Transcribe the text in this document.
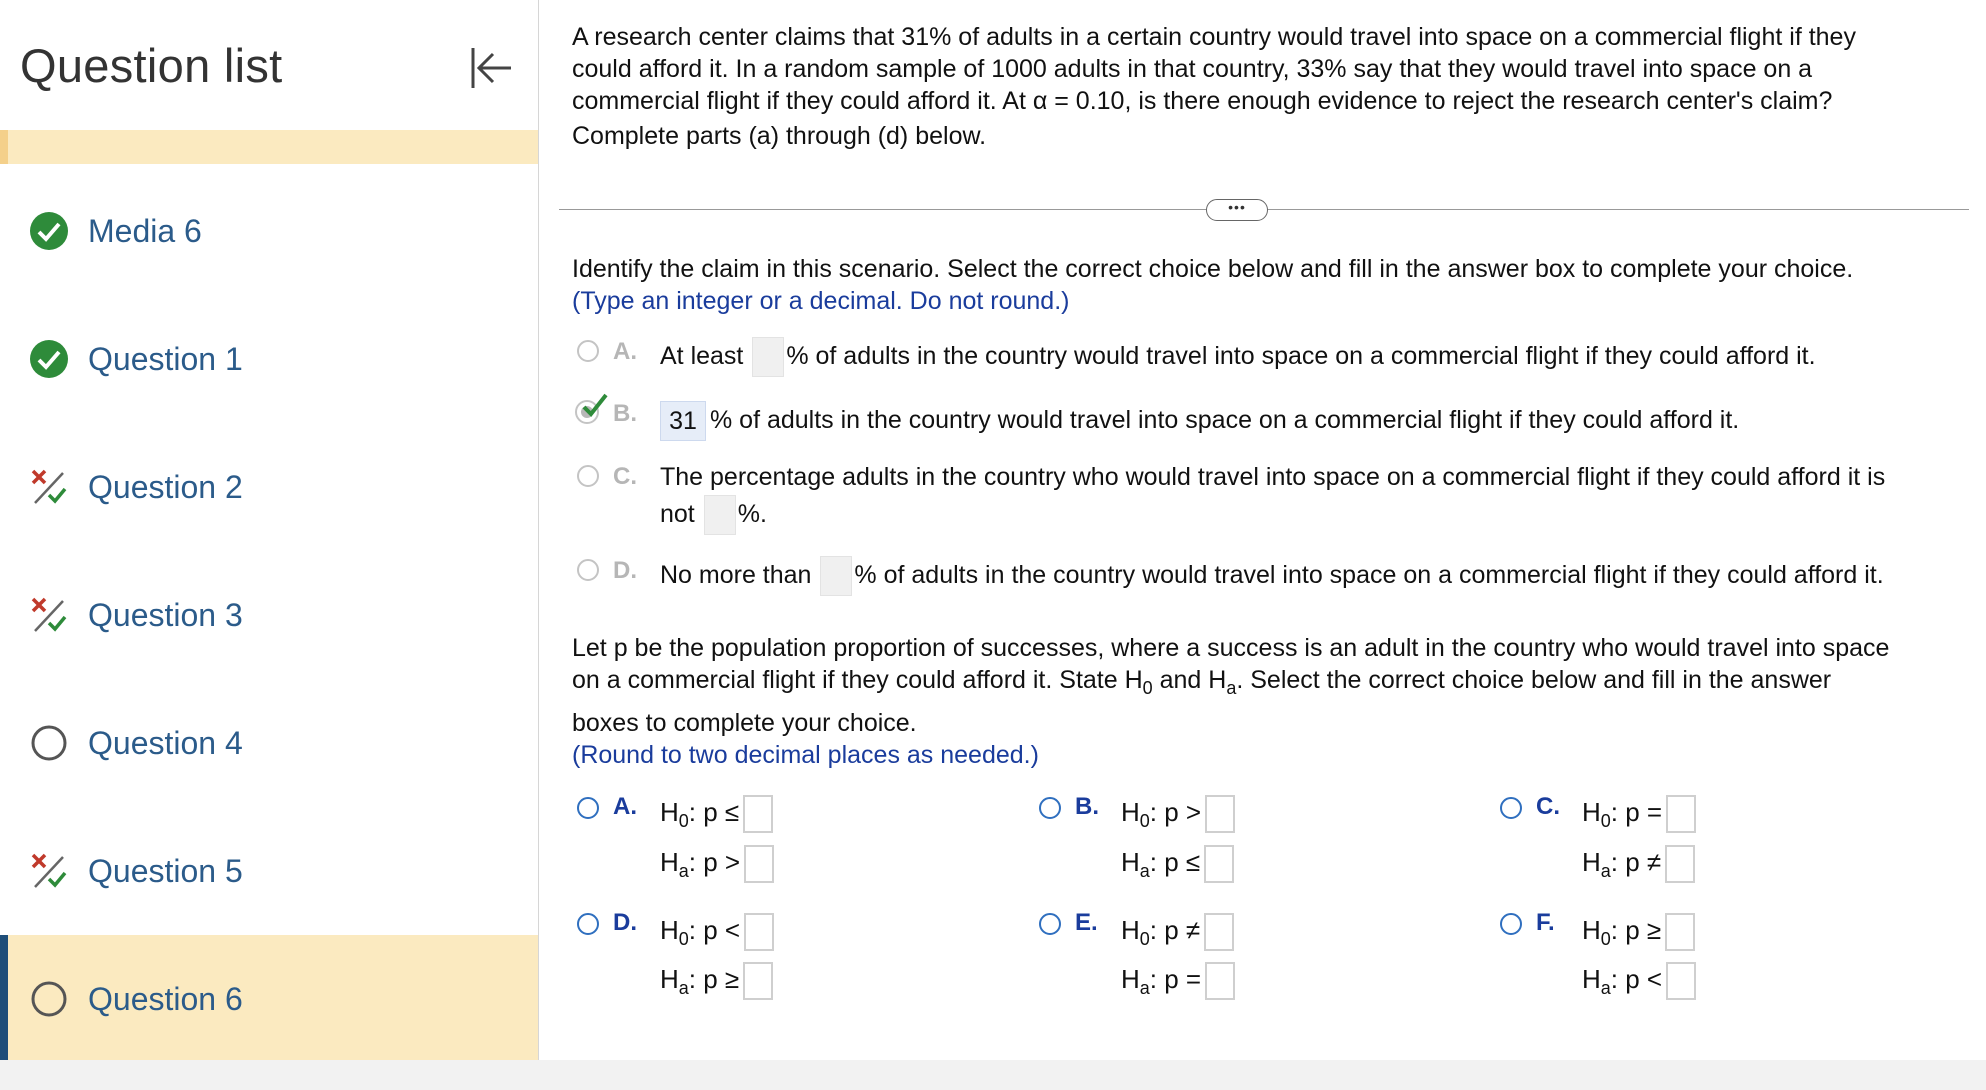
Question list
Media 6
Question 1
Question 2
Question 3
Question 4
Question 5
Question 6
A research center claims that 31% of adults in a certain country would travel into space on a commercial flight if they
could afford it. In a random sample of 1000 adults in that country, 33% say that they would travel into space on a
commercial flight if they could afford it. At α = 0.10, is there enough evidence to reject the research center's claim?
Complete parts (a) through (d) below.
•••
Identify the claim in this scenario. Select the correct choice below and fill in the answer box to complete your choice.
(Type an integer or a decimal. Do not round.)
A. At least % of adults in the country would travel into space on a commercial flight if they could afford it.
B.	31 % of adults in the country would travel into space on a commercial flight if they could afford it.
C. The percentage adults in the country who would travel into space on a commercial flight if they could afford it is
not %.
D. No more than % of adults in the country would travel into space on a commercial flight if they could afford it.
Let p be the population proportion of successes, where a success is an adult in the country who would travel into space
on a commercial flight if they could afford it. State $H_0$ and $H_a$. Select the correct choice below and fill in the answer
boxes to complete your choice.
(Round to two decimal places as needed.)
A. $H_0$: p ≤
$H_a$: p >
B. $H_0$: p >
$H_a$: p ≤
C. $H_0$: p =
$H_a$: p ≠
D. $H_0$: p <
$H_a$: p ≥
E. $H_0$: p ≠
$H_a$: p =
F. $H_0$: p ≥
$H_a$: p <
